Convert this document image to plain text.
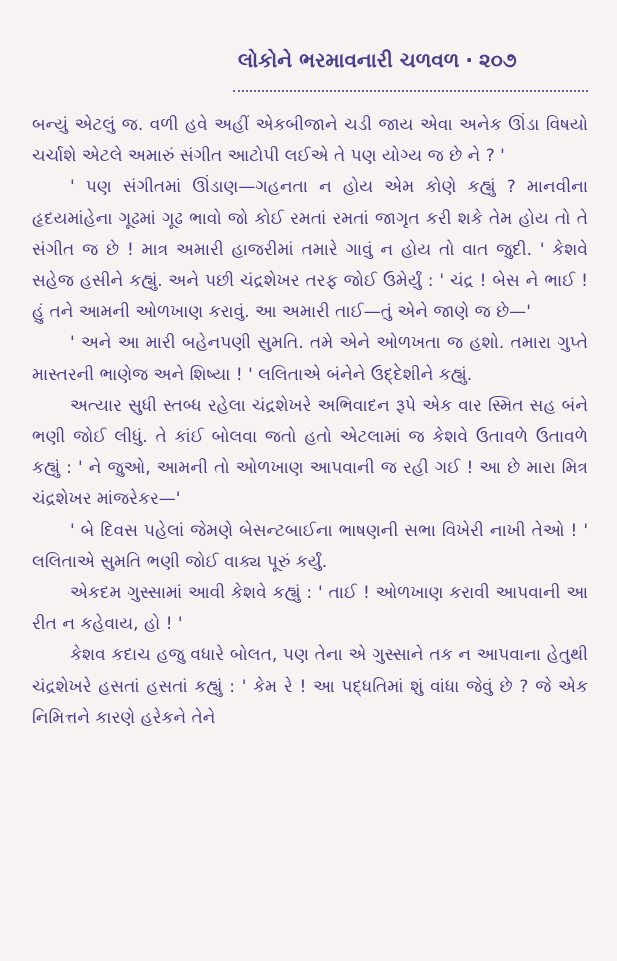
લોકોને ભરમાવનારી ચળવળ · ૨૦૭

બન્યું એટલું જ. વળી હવે અહીં એકબીજાને ચડી જાય એવા અનેક ઊંડા વિષયો ચર્ચાશે એટલે અમારું સંગીત આટોપી લઈએ તે પણ યોગ્ય જ છે ને ? '

' પણ સંગીતમાં ઊંડાણ—ગહનતા ન હોય એમ કોણે કહ્યું ? માનવીના હૃદયમાંહેના ગૂઢમાં ગૂઢ ભાવો જો કોઈ રમતાં રમતાં જાગૃત કરી શકે તેમ હોય તો તે સંગીત જ છે ! માત્ર અમારી હાજરીમાં તમારે ગાવું ન હોય તો વાત જુદી. ' કેશવે સહેજ હસીને કહ્યું. અને પછી ચંદ્રશેખર તરફ જોઈ ઉમેર્યું : ' ચંદ્ર ! બેસ ને ભાઈ ! હું તને આમની ઓળખાણ કરાવું. આ અમારી તાઈ—તું એને જાણે જ છે—'

' અને આ મારી બહેનપણી સુમતિ. તમે એને ઓળખતા જ હશો. તમારા ગુપ્તે માસ્તરની ભાણેજ અને શિષ્યા ! ' લલિતાએ બંનેને ઉદ્દેશીને કહ્યું.

અત્યાર સુધી સ્તબ્ધ રહેલા ચંદ્રશેખરે અભિવાદન રૂપે એક વાર સ્મિત સહ બંને ભણી જોઈ લીધું. તે કાંઈ બોલવા જતો હતો એટલામાં જ કેશવે ઉતાવળે ઉતાવળે કહ્યું : ' ને જુઓ, આમની તો ઓળખાણ આપવાની જ રહી ગઈ ! આ છે મારા મિત્ર ચંદ્રશેખર માંજરેકર—'

' બે દિવસ પહેલાં જેમણે બેસન્ટબાઈના ભાષણની સભા વિખેરી નાખી તેઓ ! ' લલિતાએ સુમતિ ભણી જોઈ વાક્ય પૂરું કર્યું.

એકદમ ગુસ્સામાં આવી કેશવે કહ્યું : ' તાઈ ! ઓળખાણ કરાવી આપવાની આ રીત ન કહેવાય, હો ! '

કેશવ કદાચ હજુ વધારે બોલત, પણ તેના એ ગુસ્સાને તક ન આપવાના હેતુથી ચંદ્રશેખરે હસતાં હસતાં કહ્યું : ' કેમ રે ! આ પદ્ધતિમાં શું વાંધા જેવું છે ? જે એક નિમિત્તને કારણે હરેકને તેને
